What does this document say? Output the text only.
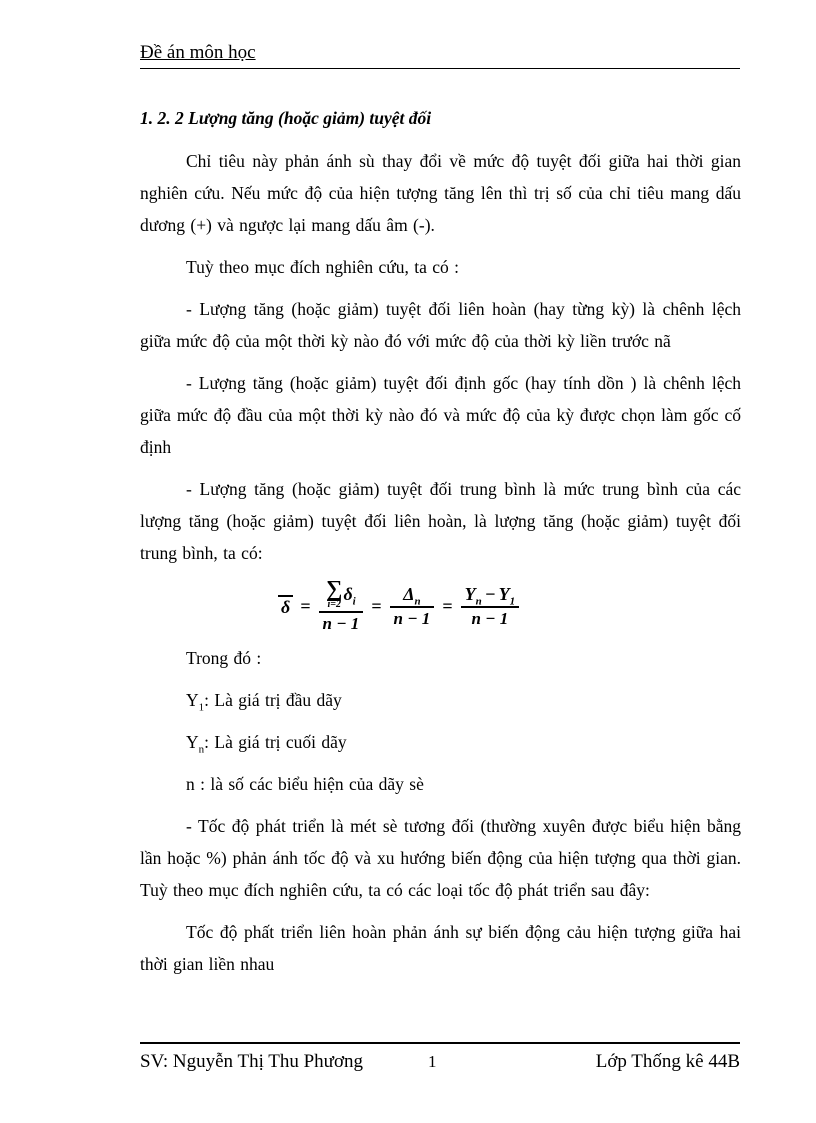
Đề án môn học
1. 2. 2 Lượng tăng (hoặc giảm) tuyệt đối

Chỉ tiêu này phản ánh sù thay đổi về mức độ tuyệt đối giữa hai thời gian nghiên cứu. Nếu mức độ của hiện tượng tăng lên thì trị số của chỉ tiêu mang dấu dương (+) và ngược lại mang dấu âm (-).

Tuỳ theo mục đích nghiên cứu, ta có :

- Lượng tăng (hoặc giảm) tuyệt đối liên hoàn (hay từng kỳ) là chênh lệch giữa mức độ của một thời kỳ nào đó với mức độ của thời kỳ liền trước nã

- Lượng tăng (hoặc giảm) tuyệt đối định gốc (hay tính dồn ) là chênh lệch giữa mức độ đầu của một thời kỳ nào đó và mức độ của kỳ được chọn làm gốc cố định

- Lượng tăng (hoặc giảm) tuyệt đối trung bình là mức trung bình của các lượng tăng (hoặc giảm) tuyệt đối liên hoàn, là lượng tăng (hoặc giảm) tuyệt đối trung bình, ta có:

δ = ∑
i=2
$\delta_i$
$n - 1 = \frac{\Delta_n}{n - 1} = \frac{Y_n - Y_1}{n - 1}$

Trong đó :

$Y_1$: Là giá trị đầu dãy

$Y_n$: Là giá trị cuối dãy

n : là số các biểu hiện của dãy sè

- Tốc độ phát triển là mét sè tương đối (thường xuyên được biểu hiện bằng lần hoặc %) phản ánh tốc độ và xu hướng biến động của hiện tượng qua thời gian. Tuỳ theo mục đích nghiên cứu, ta có các loại tốc độ phát triển sau đây:

Tốc độ phất triển liên hoàn phản ánh sự biến động cảu hiện tượng giữa hai thời gian liền nhau

SV: Nguyễn Thị Thu Phương	1	Lớp Thống kê 44B
